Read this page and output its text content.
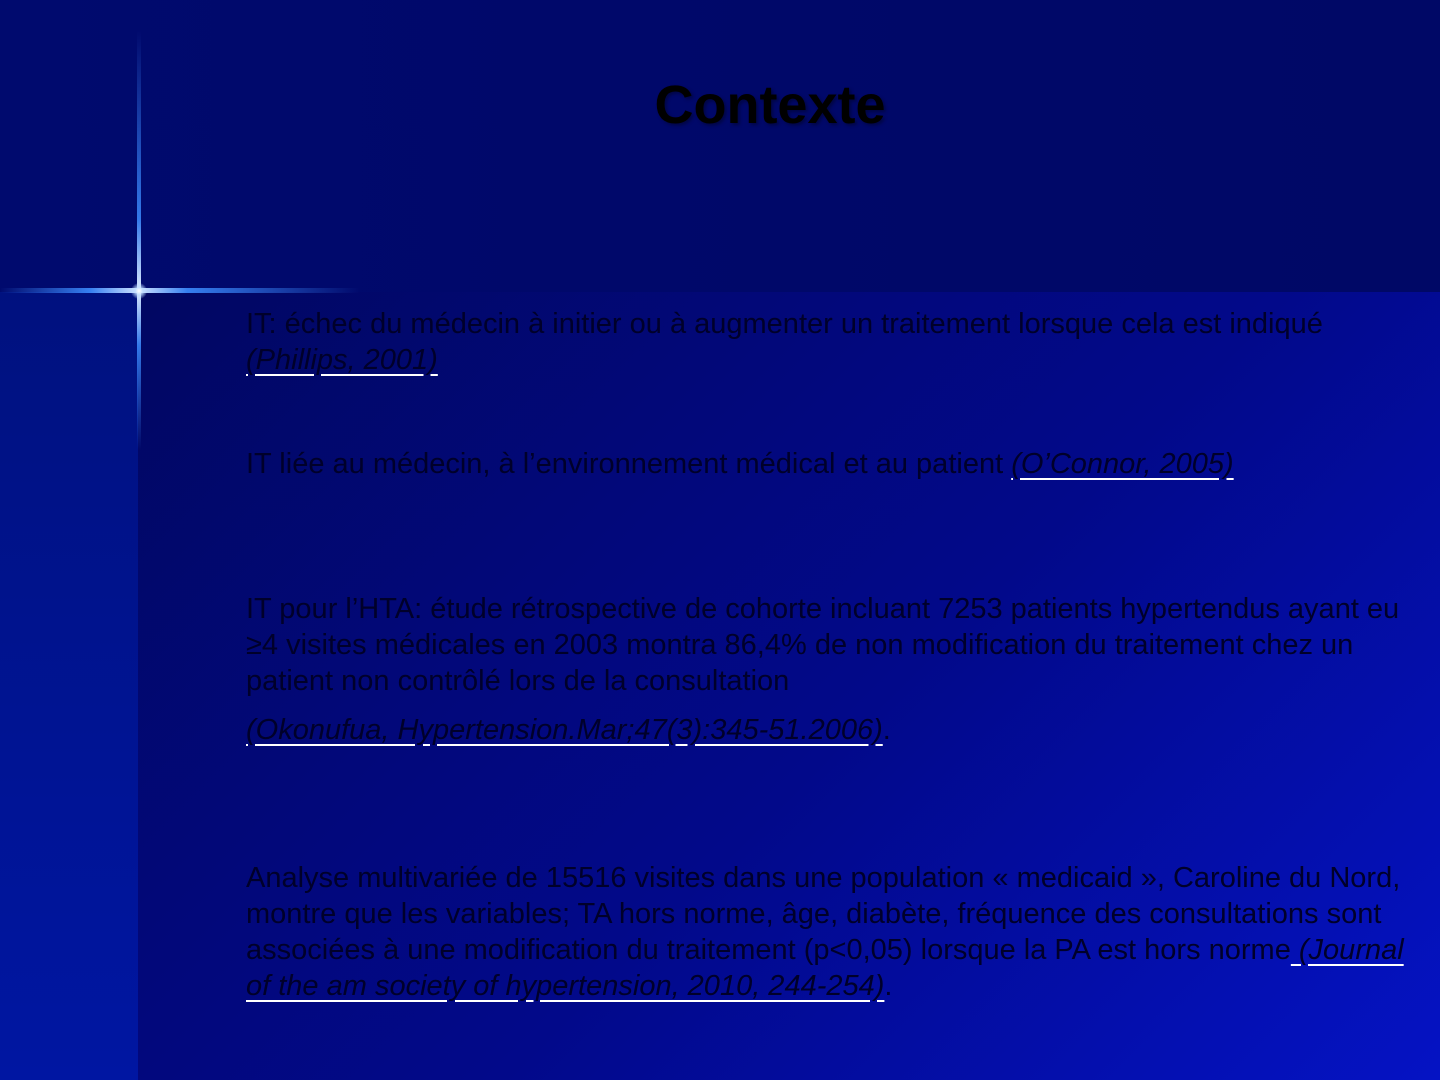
Contexte
IT: échec du médecin à initier ou à augmenter un traitement lorsque cela est indiqué (Phillips, 2001)
IT liée au médecin, à l’environnement médical et au patient (O’Connor, 2005)
IT pour l’HTA: étude rétrospective de cohorte incluant 7253 patients hypertendus ayant eu ≥4 visites médicales en 2003 montra 86,4% de non modification du traitement chez un patient non contrôlé lors de la consultation
(Okonufua, Hypertension.Mar;47(3):345-51.2006).
Analyse multivariée de 15516 visites dans une population « medicaid », Caroline du Nord, montre que les variables; TA hors norme, âge, diabète, fréquence des consultations sont associées à une modification du traitement (p<0,05) lorsque la PA est hors norme (Journal of the am society of hypertension, 2010, 244-254).
